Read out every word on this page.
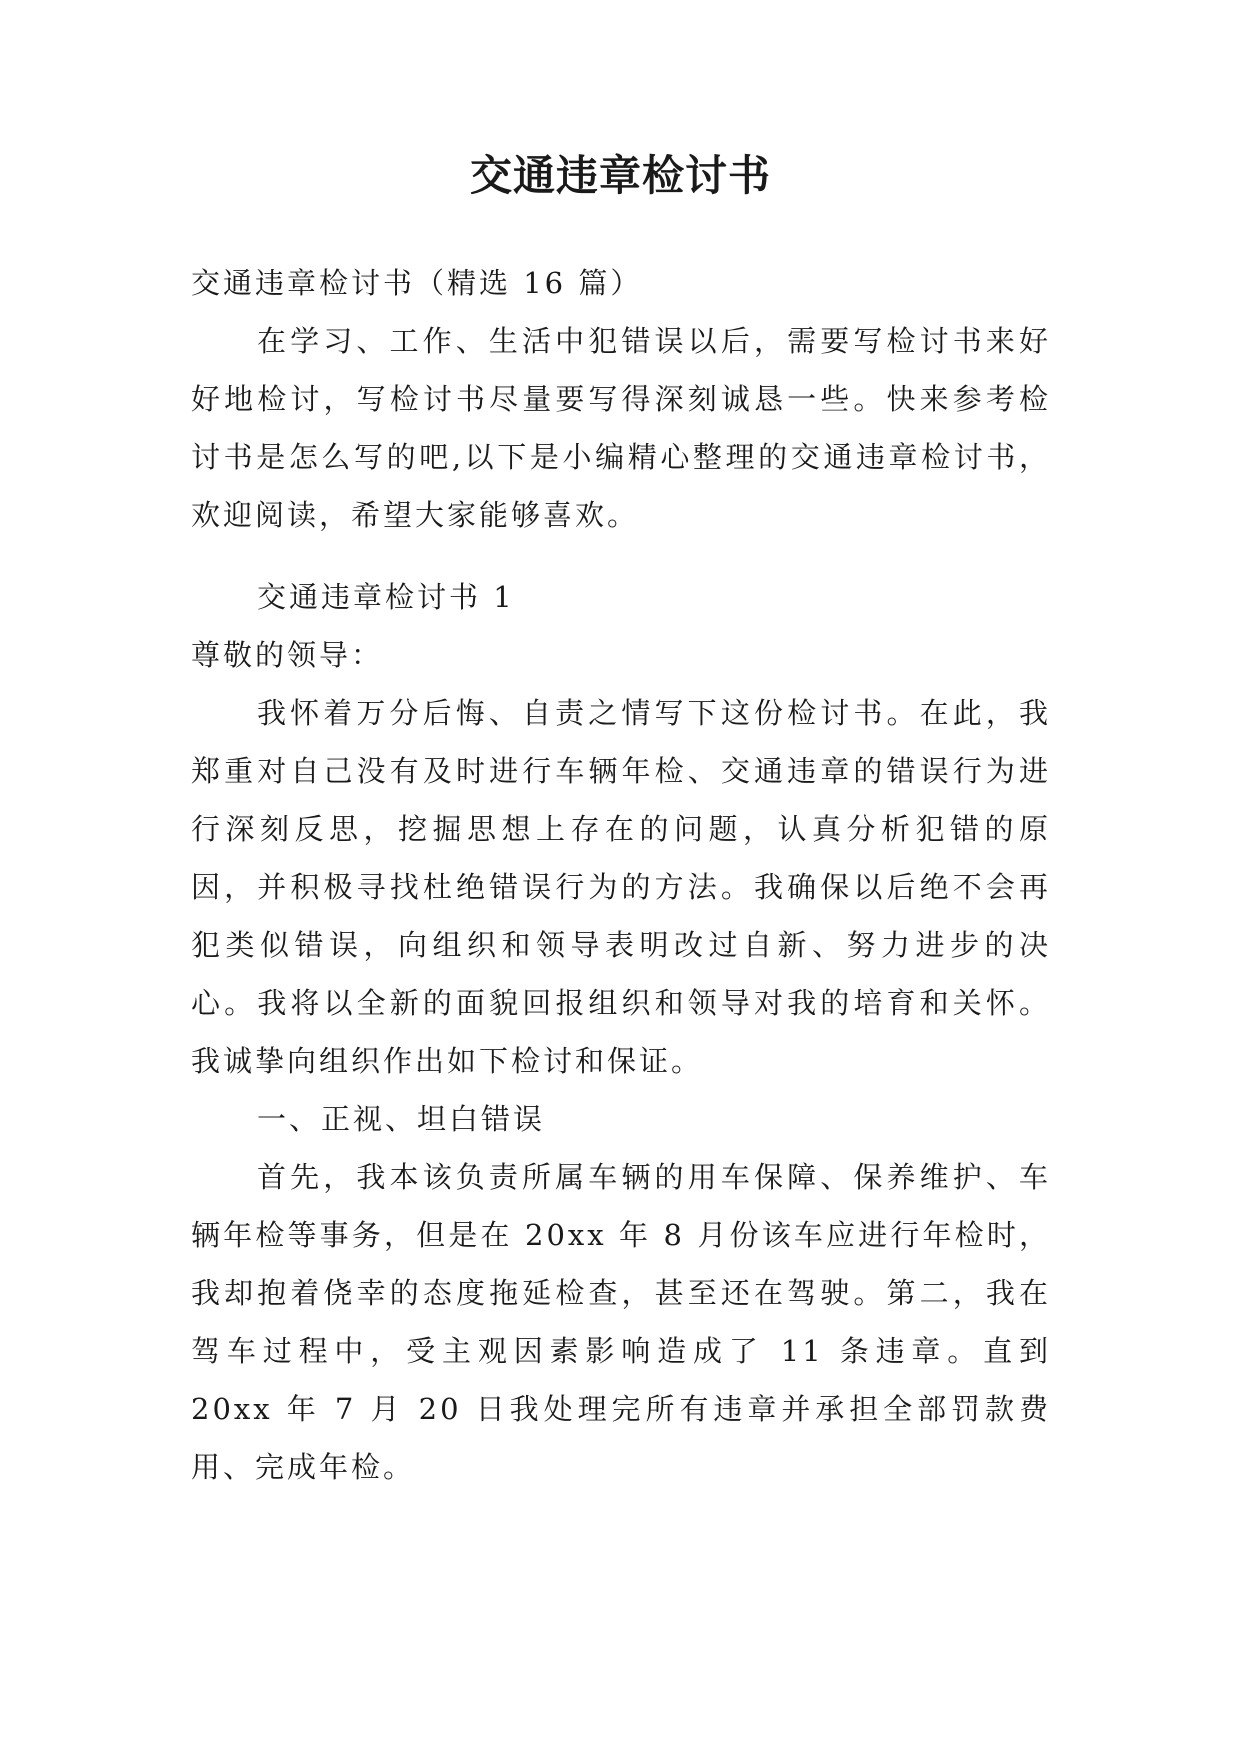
交通违章检讨书

交通违章检讨书（精选 16 篇）

在学习、工作、生活中犯错误以后，需要写检讨书来好好地检讨，写检讨书尽量要写得深刻诚恳一些。快来参考检讨书是怎么写的吧,以下是小编精心整理的交通违章检讨书，欢迎阅读，希望大家能够喜欢。

交通违章检讨书 1

尊敬的领导：

我怀着万分后悔、自责之情写下这份检讨书。在此，我郑重对自己没有及时进行车辆年检、交通违章的错误行为进行深刻反思，挖掘思想上存在的问题，认真分析犯错的原因，并积极寻找杜绝错误行为的方法。我确保以后绝不会再犯类似错误，向组织和领导表明改过自新、努力进步的决心。我将以全新的面貌回报组织和领导对我的培育和关怀。我诚挚向组织作出如下检讨和保证。

一、正视、坦白错误

首先，我本该负责所属车辆的用车保障、保养维护、车辆年检等事务，但是在 20xx 年 8 月份该车应进行年检时，我却抱着侥幸的态度拖延检查，甚至还在驾驶。第二，我在驾车过程中，受主观因素影响造成了 11 条违章。直到 20xx 年 7 月 20 日我处理完所有违章并承担全部罚款费用、完成年检。
